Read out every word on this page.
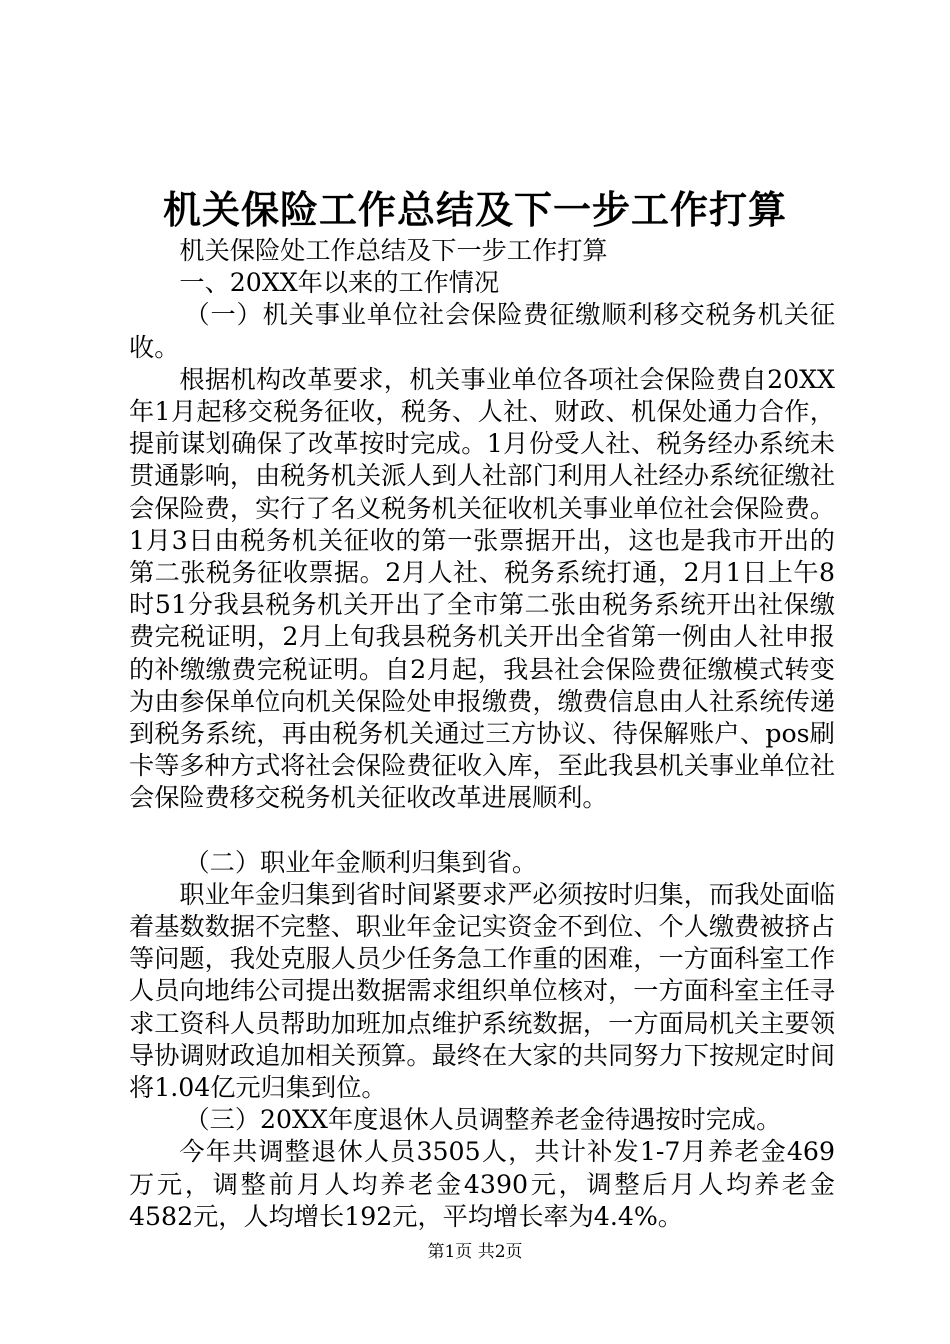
机关保险工作总结及下一步工作打算

机关保险处工作总结及下一步工作打算

一、20XX年以来的工作情况

（一）机关事业单位社会保险费征缴顺利移交税务机关征收。

根据机构改革要求，机关事业单位各项社会保险费自20XX年1月起移交税务征收，税务、人社、财政、机保处通力合作，提前谋划确保了改革按时完成。1月份受人社、税务经办系统未贯通影响，由税务机关派人到人社部门利用人社经办系统征缴社会保险费，实行了名义税务机关征收机关事业单位社会保险费。1月3日由税务机关征收的第一张票据开出，这也是我市开出的第二张税务征收票据。2月人社、税务系统打通，2月1日上午8时51分我县税务机关开出了全市第二张由税务系统开出社保缴费完税证明，2月上旬我县税务机关开出全省第一例由人社申报的补缴缴费完税证明。自2月起，我县社会保险费征缴模式转变为由参保单位向机关保险处申报缴费，缴费信息由人社系统传递到税务系统，再由税务机关通过三方协议、待保解账户、pos刷卡等多种方式将社会保险费征收入库，至此我县机关事业单位社会保险费移交税务机关征收改革进展顺利。

（二）职业年金顺利归集到省。

职业年金归集到省时间紧要求严必须按时归集，而我处面临着基数数据不完整、职业年金记实资金不到位、个人缴费被挤占等问题，我处克服人员少任务急工作重的困难，一方面科室工作人员向地纬公司提出数据需求组织单位核对，一方面科室主任寻求工资科人员帮助加班加点维护系统数据，一方面局机关主要领导协调财政追加相关预算。最终在大家的共同努力下按规定时间将1.04亿元归集到位。

（三）20XX年度退休人员调整养老金待遇按时完成。

今年共调整退休人员3505人，共计补发1-7月养老金469万元，调整前月人均养老金4390元，调整后月人均养老金4582元，人均增长192元，平均增长率为4.4%。

第1页 共2页
